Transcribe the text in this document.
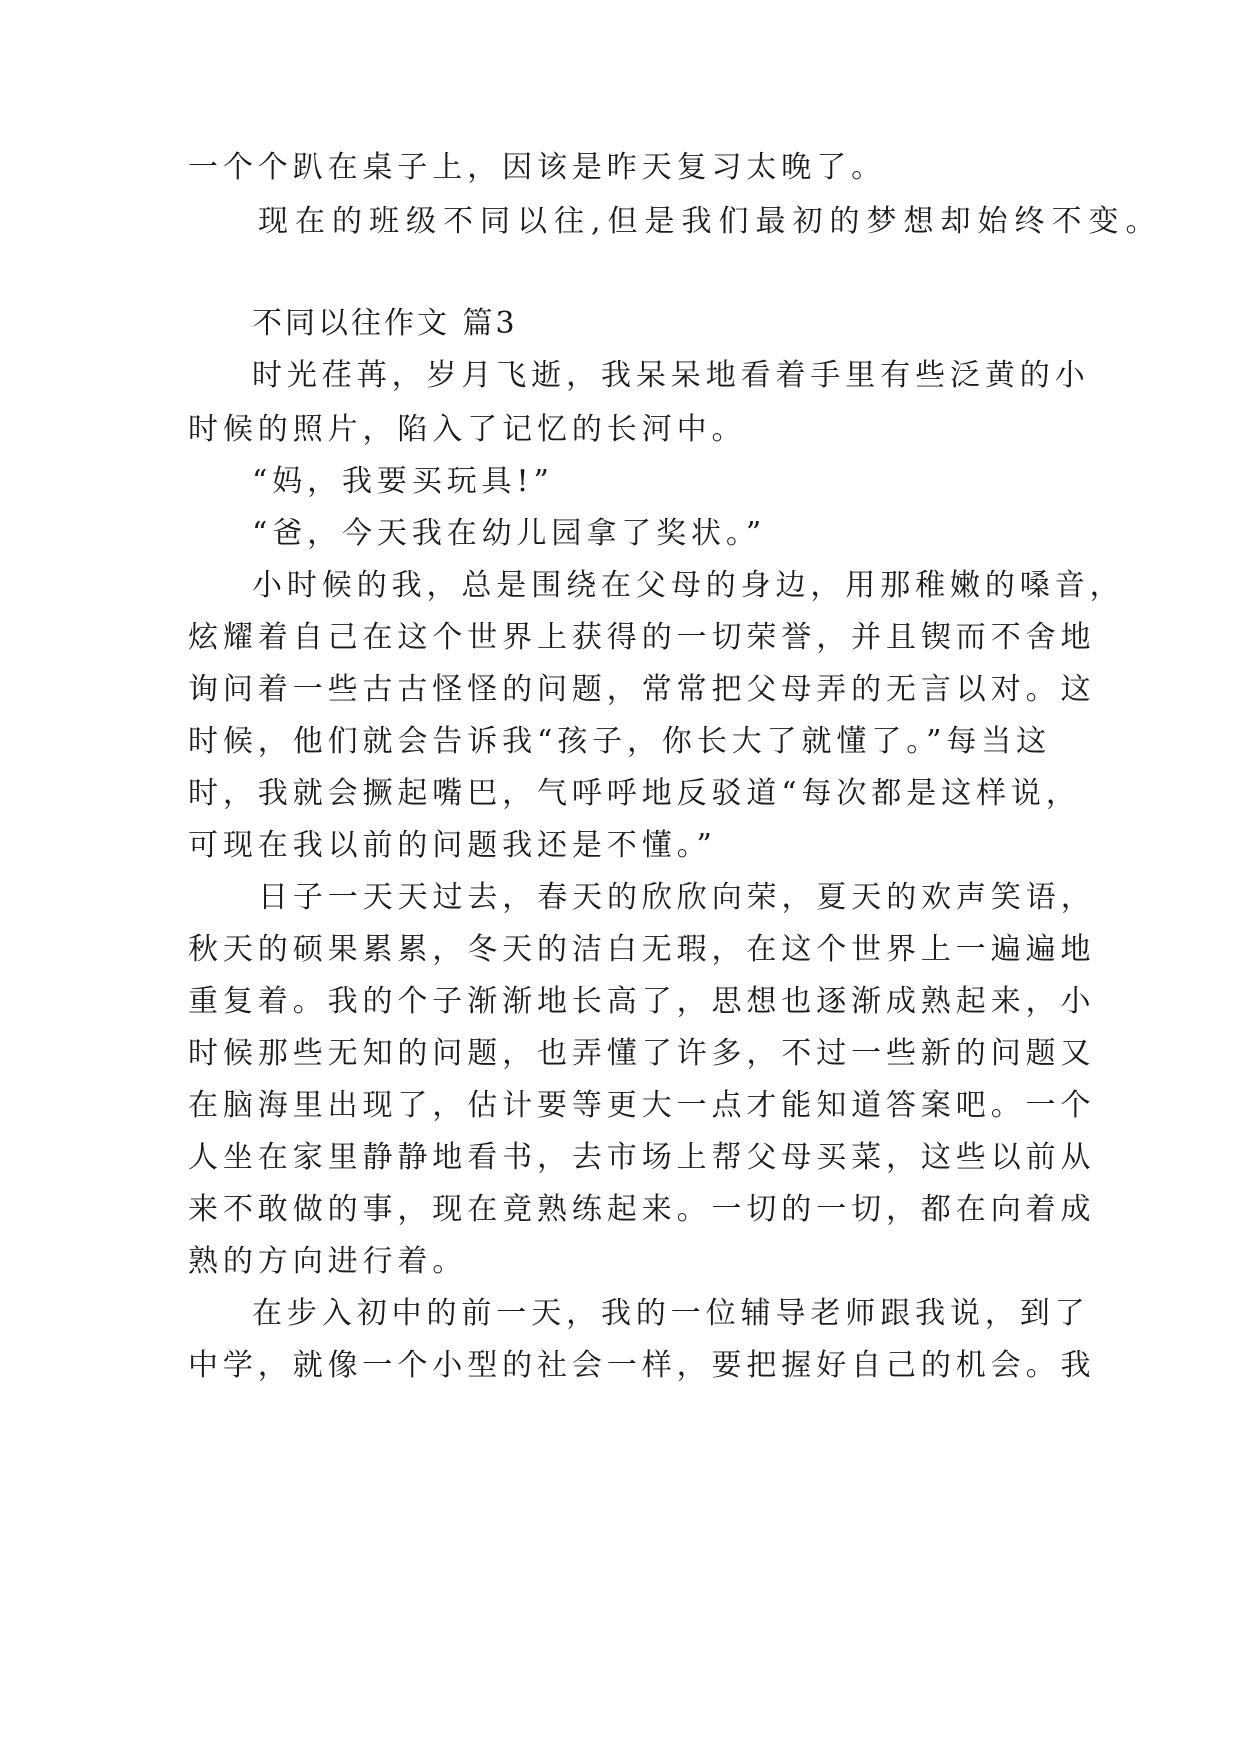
一个个趴在桌子上，因该是昨天复习太晚了。
现在的班级不同以往,但是我们最初的梦想却始终不变。
不同以往作文 篇3
时光荏苒，岁月飞逝，我呆呆地看着手里有些泛黄的小
时候的照片，陷入了记忆的长河中。
“妈，我要买玩具!”
“爸，今天我在幼儿园拿了奖状。”
小时候的我，总是围绕在父母的身边，用那稚嫩的嗓音，
炫耀着自己在这个世界上获得的一切荣誉，并且锲而不舍地
询问着一些古古怪怪的问题，常常把父母弄的无言以对。这
时候，他们就会告诉我“孩子，你长大了就懂了。”每当这
时，我就会撅起嘴巴，气呼呼地反驳道“每次都是这样说，
可现在我以前的问题我还是不懂。”
日子一天天过去，春天的欣欣向荣，夏天的欢声笑语，
秋天的硕果累累，冬天的洁白无瑕，在这个世界上一遍遍地
重复着。我的个子渐渐地长高了，思想也逐渐成熟起来，小
时候那些无知的问题，也弄懂了许多，不过一些新的问题又
在脑海里出现了，估计要等更大一点才能知道答案吧。一个
人坐在家里静静地看书，去市场上帮父母买菜，这些以前从
来不敢做的事，现在竟熟练起来。一切的一切，都在向着成
熟的方向进行着。
在步入初中的前一天，我的一位辅导老师跟我说，到了
中学，就像一个小型的社会一样，要把握好自己的机会。我
